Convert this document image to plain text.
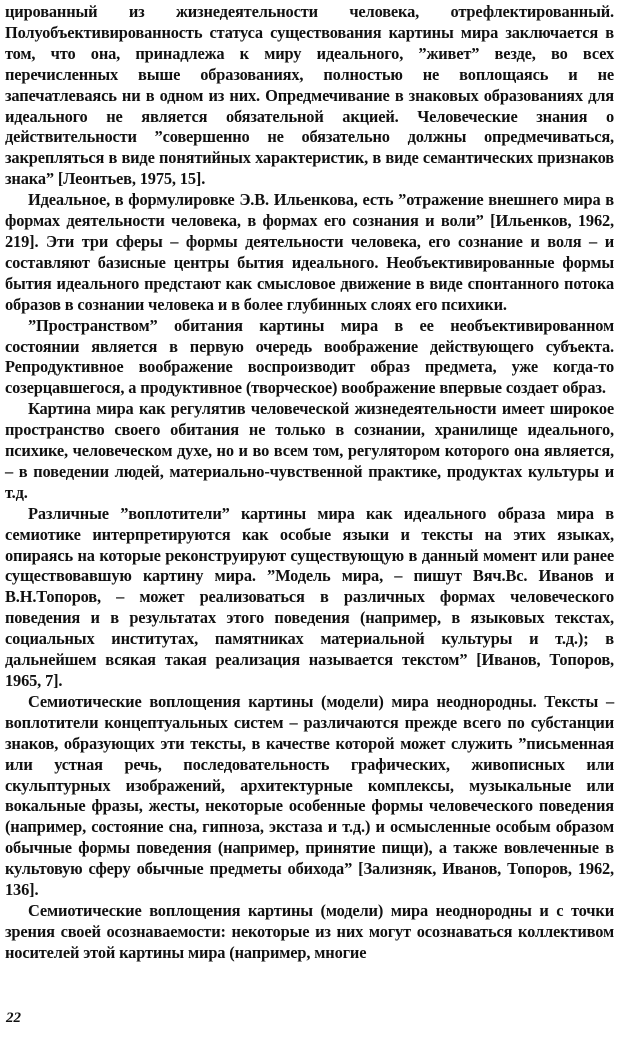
цированный из жизнедеятельности человека, отрефлектированный. Полуобъективированность статуса существования картины мира заключается в том, что она, принадлежа к миру идеального, ”живет” везде, во всех перечисленных выше образованиях, полностью не воплощаясь и не запечатлеваясь ни в одном из них. Опредмечивание в знаковых образованиях для идеального не является обязательной акцией. Человеческие знания о действительности ”совершенно не обязательно должны опредмечиваться, закрепляться в виде понятийных характеристик, в виде семантических признаков знака” [Леонтьев, 1975, 15].

Идеальное, в формулировке Э.В. Ильенкова, есть ”отражение внешнего мира в формах деятельности человека, в формах его сознания и воли” [Ильенков, 1962, 219]. Эти три сферы – формы деятельности человека, его сознание и воля – и составляют базисные центры бытия идеального. Необъективированные формы бытия идеального предстают как смысловое движение в виде спонтанного потока образов в сознании человека и в более глубинных слоях его психики.

”Пространством” обитания картины мира в ее необъективированном состоянии является в первую очередь воображение действующего субъекта. Репродуктивное воображение воспроизводит образ предмета, уже когда-то созерцавшегося, а продуктивное (творческое) воображение впервые создает образ.

Картина мира как регулятив человеческой жизнедеятельности имеет широкое пространство своего обитания не только в сознании, хранилище идеального, психике, человеческом духе, но и во всем том, регулятором которого она является, – в поведении людей, материально-чувственной практике, продуктах культуры и т.д.

Различные ”воплотители” картины мира как идеального образа мира в семиотике интерпретируются как особые языки и тексты на этих языках, опираясь на которые реконструируют существующую в данный момент или ранее существовавшую картину мира. ”Модель мира, – пишут Вяч.Вс. Иванов и В.Н.Топоров, – может реализоваться в различных формах человеческого поведения и в результатах этого поведения (например, в языковых текстах, социальных институтах, памятниках материальной культуры и т.д.); в дальнейшем всякая такая реализация называется текстом” [Иванов, Топоров, 1965, 7].

Семиотические воплощения картины (модели) мира неоднородны. Тексты – воплотители концептуальных систем – различаются прежде всего по субстанции знаков, образующих эти тексты, в качестве которой может служить ”письменная или устная речь, последовательность графических, живописных или скульптурных изображений, архитектурные комплексы, музыкальные или вокальные фразы, жесты, некоторые особенные формы человеческого поведения (например, состояние сна, гипноза, экстаза и т.д.) и осмысленные особым образом обычные формы поведения (например, принятие пищи), а также вовлеченные в культовую сферу обычные предметы обихода” [Зализняк, Иванов, Топоров, 1962, 136].

Семиотические воплощения картины (модели) мира неоднородны и с точки зрения своей осознаваемости: некоторые из них могут осознаваться коллективом носителей этой картины мира (например, многие

22
